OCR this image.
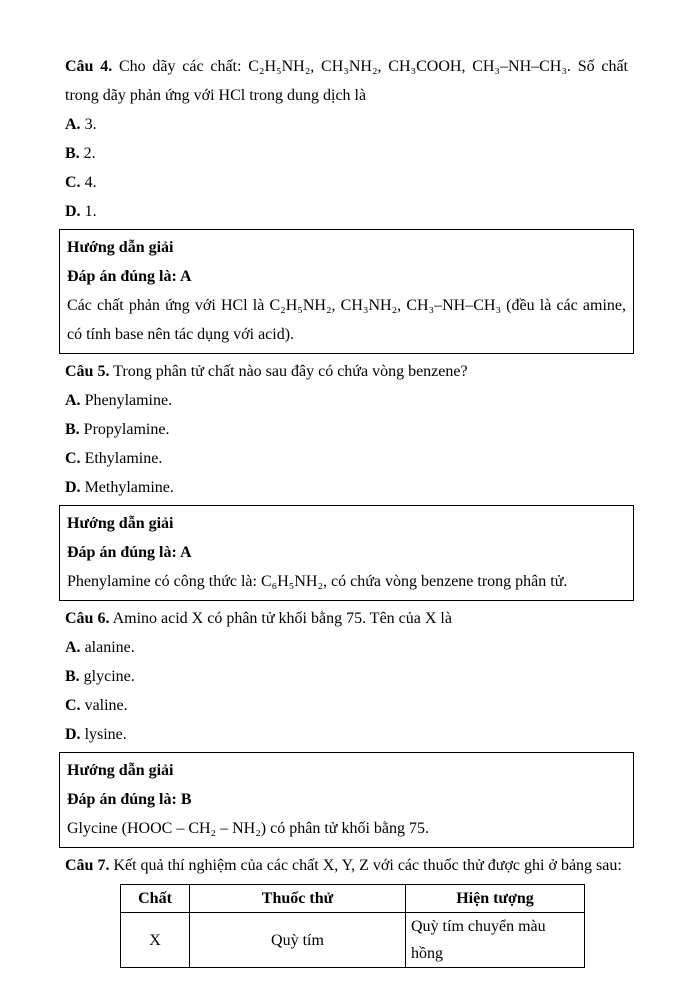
Câu 4. Cho dãy các chất: C₂H₅NH₂, CH₃NH₂, CH₃COOH, CH₃–NH–CH₃. Số chất trong dãy phản ứng với HCl trong dung dịch là

A. 3.

B. 2.

C. 4.

D. 1.

Hướng dẫn giải

Đáp án đúng là: A

Các chất phản ứng với HCl là C₂H₅NH₂, CH₃NH₂, CH₃–NH–CH₃ (đều là các amine, có tính base nên tác dụng với acid).

Câu 5. Trong phân tử chất nào sau đây có chứa vòng benzene?

A. Phenylamine.

B. Propylamine.

C. Ethylamine.

D. Methylamine.

Hướng dẫn giải

Đáp án đúng là: A

Phenylamine có công thức là: C₆H₅NH₂, có chứa vòng benzene trong phân tử.

Câu 6. Amino acid X có phân tử khối bằng 75. Tên của X là

A. alanine.

B. glycine.

C. valine.

D. lysine.

Hướng dẫn giải

Đáp án đúng là: B

Glycine (HOOC – CH₂ – NH₂) có phân tử khối bằng 75.

Câu 7. Kết quả thí nghiệm của các chất X, Y, Z với các thuốc thử được ghi ở bảng sau:

Chất	Thuốc thử	Hiện tượng
X	Quỳ tím	Quỳ tím chuyển màu hồng
